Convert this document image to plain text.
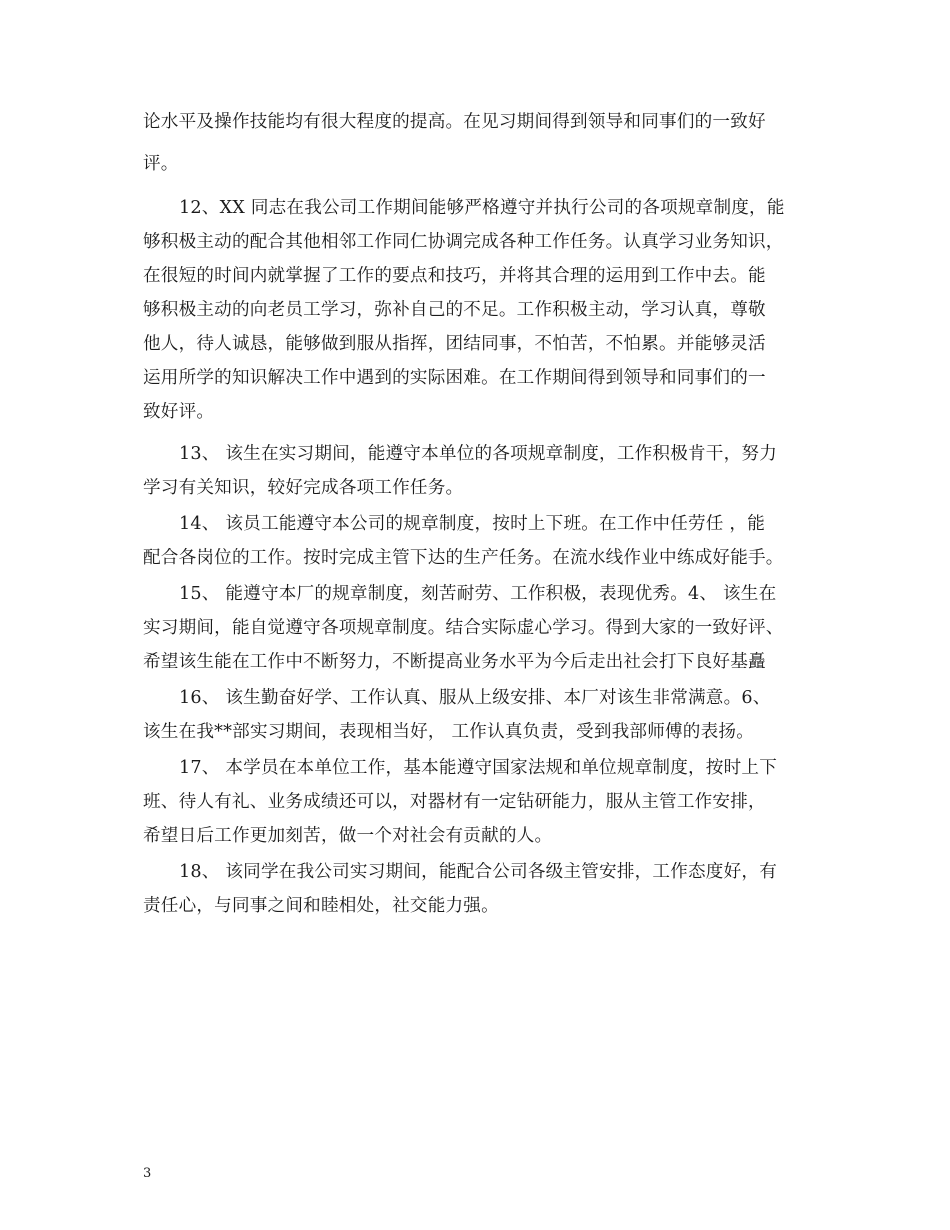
论水平及操作技能均有很大程度的提高。在见习期间得到领导和同事们的一致好
评。
12、XX 同志在我公司工作期间能够严格遵守并执行公司的各项规章制度，能
够积极主动的配合其他相邻工作同仁协调完成各种工作任务。认真学习业务知识，
在很短的时间内就掌握了工作的要点和技巧，并将其合理的运用到工作中去。能
够积极主动的向老员工学习，弥补自己的不足。工作积极主动，学习认真，尊敬
他人，待人诚恳，能够做到服从指挥，团结同事，不怕苦，不怕累。并能够灵活
运用所学的知识解决工作中遇到的实际困难。在工作期间得到领导和同事们的一
致好评。
13、 该生在实习期间，能遵守本单位的各项规章制度，工作积极肯干，努力
学习有关知识，较好完成各项工作任务。
14、 该员工能遵守本公司的规章制度，按时上下班。在工作中任劳任 ，能
配合各岗位的工作。按时完成主管下达的生产任务。在流水线作业中练成好能手。
15、 能遵守本厂的规章制度，刻苦耐劳、工作积极，表现优秀。4、 该生在
实习期间，能自觉遵守各项规章制度。结合实际虚心学习。得到大家的一致好评、
希望该生能在工作中不断努力，不断提高业务水平为今后走出社会打下良好基矗
16、 该生勤奋好学、工作认真、服从上级安排、本厂对该生非常满意。6、
该生在我**部实习期间，表现相当好， 工作认真负责，受到我部师傅的表扬。
17、 本学员在本单位工作，基本能遵守国家法规和单位规章制度，按时上下
班、待人有礼、业务成绩还可以，对器材有一定钻研能力，服从主管工作安排，
希望日后工作更加刻苦，做一个对社会有贡献的人。
18、 该同学在我公司实习期间，能配合公司各级主管安排，工作态度好，有
责任心，与同事之间和睦相处，社交能力强。
3
